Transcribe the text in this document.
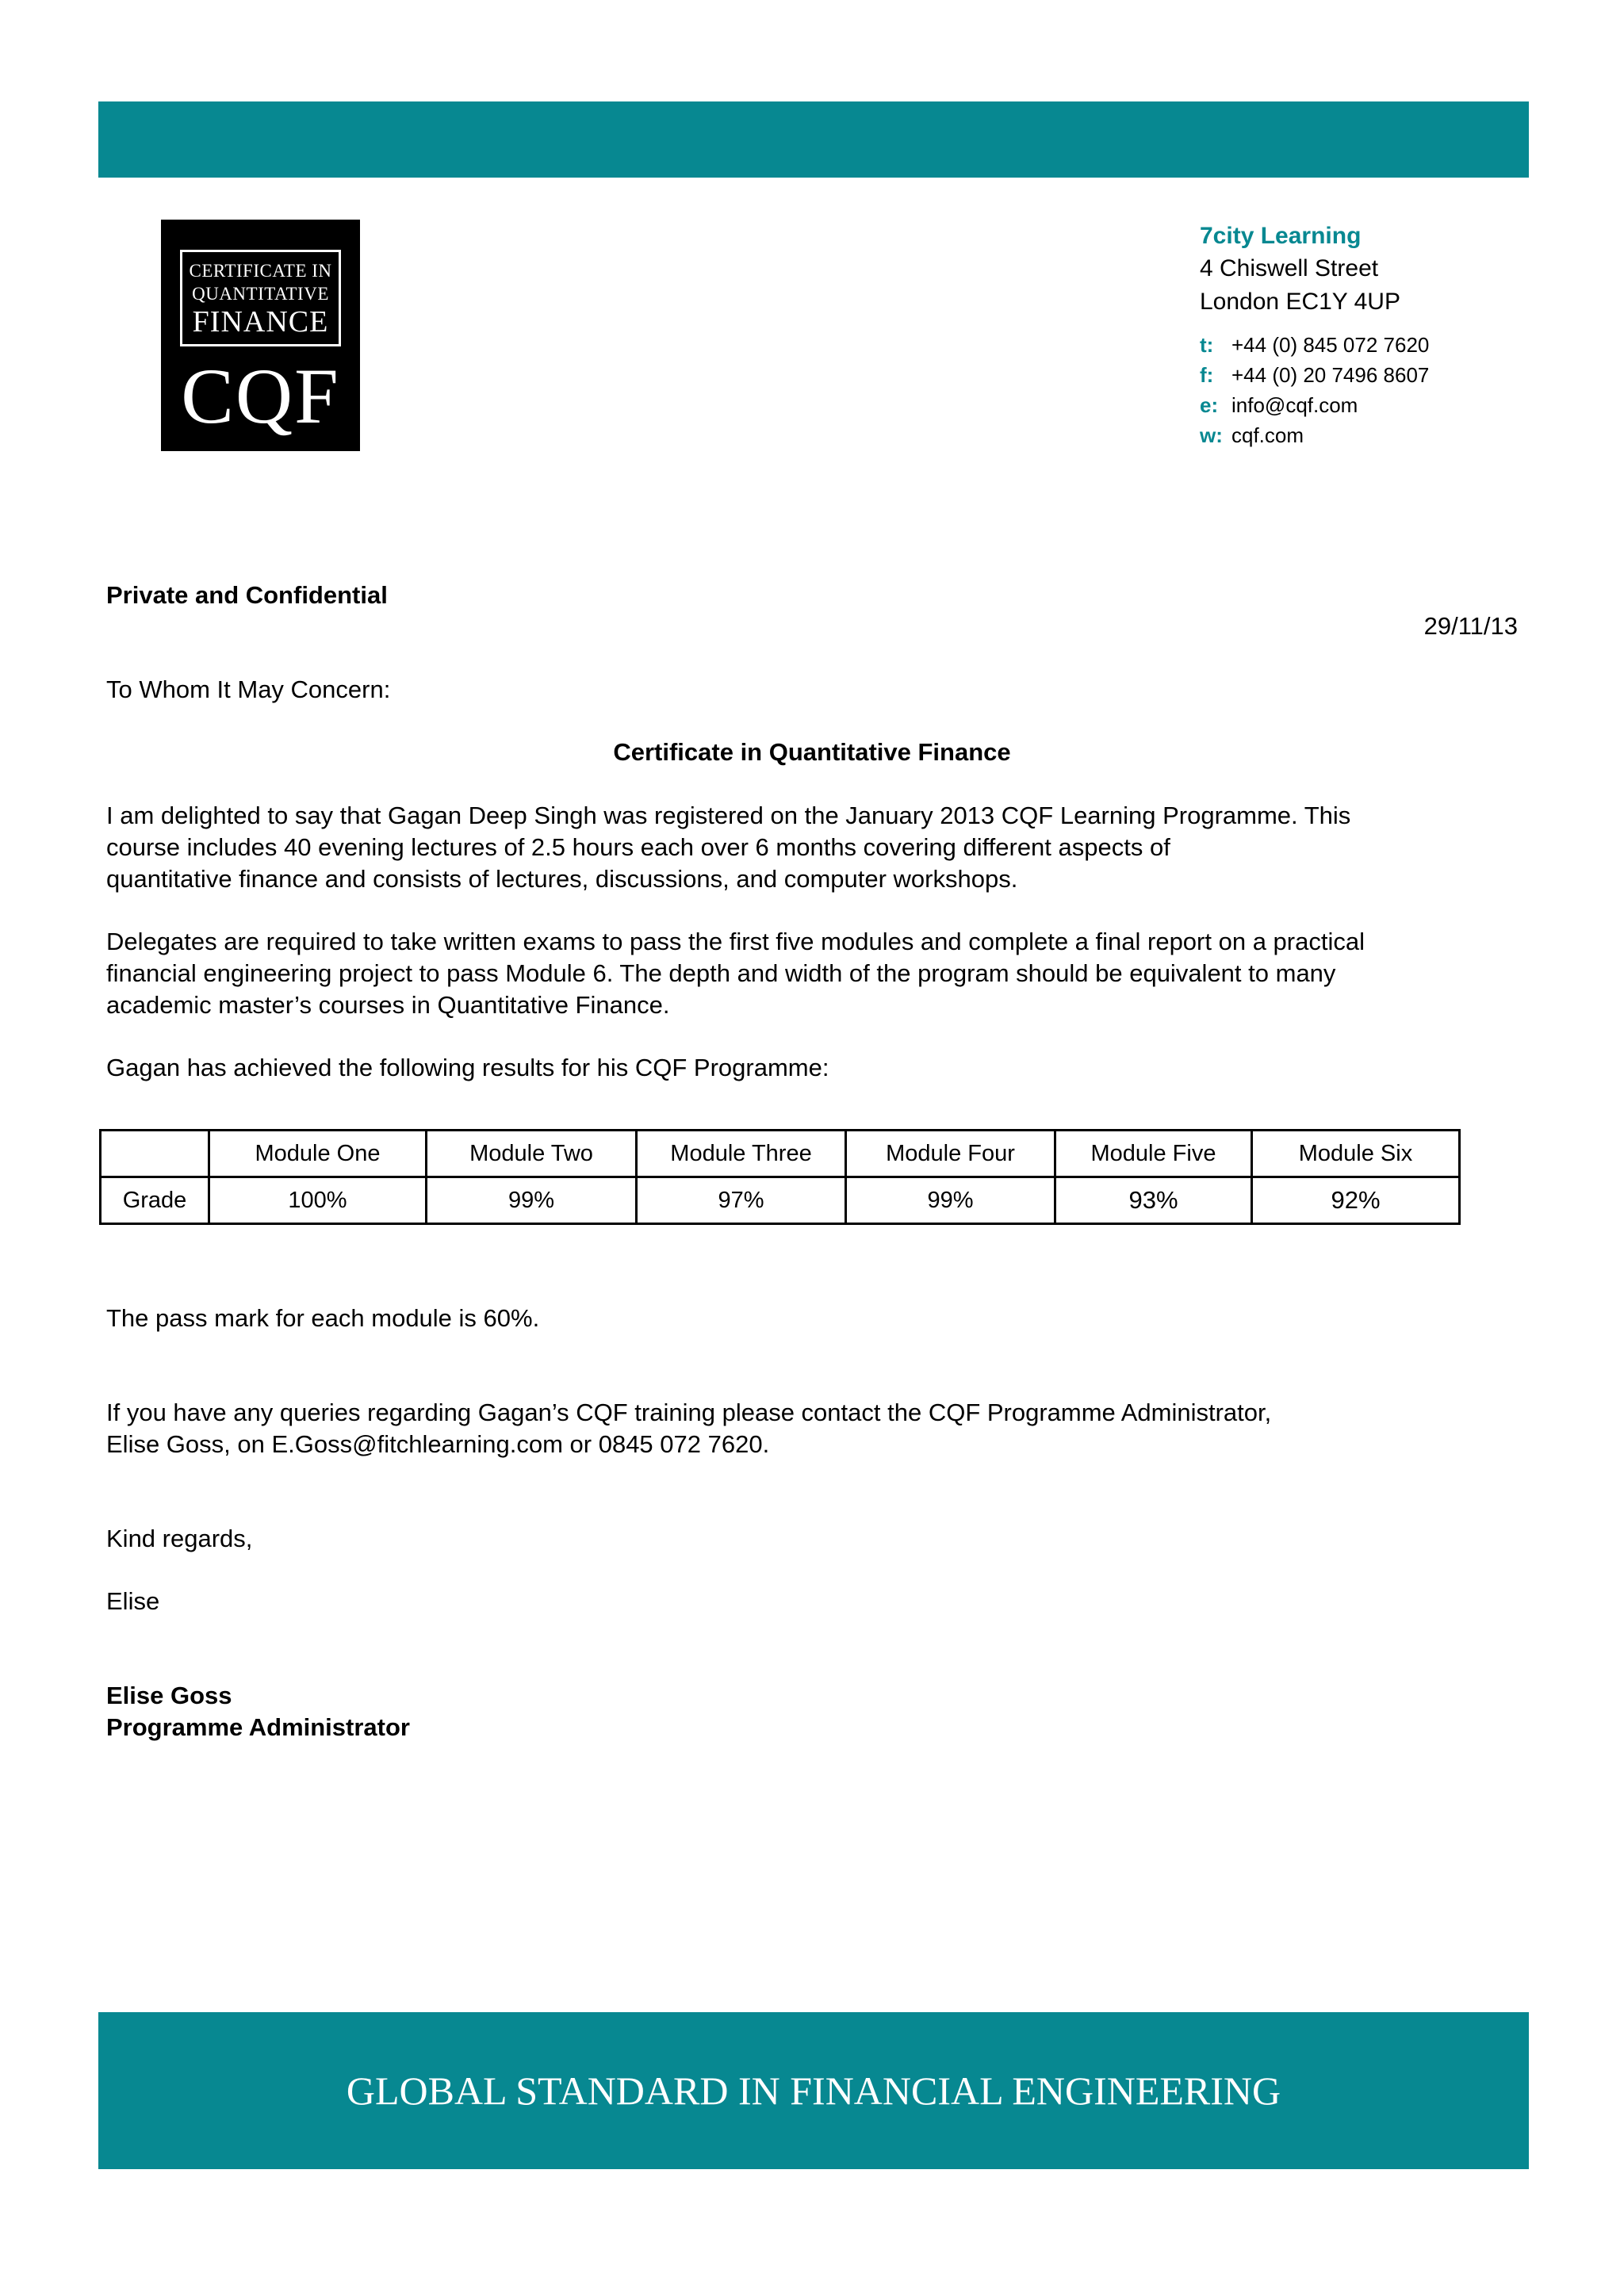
CERTIFICATE IN
QUANTITATIVE
FINANCE
CQF
7city Learning
4 Chiswell Street
London EC1Y 4UP
t: +44 (0) 845 072 7620
f: +44 (0) 20 7496 8607
e: info@cqf.com
w: cqf.com
Private and Confidential
29/11/13
To Whom It May Concern:
Certificate in Quantitative Finance
I am delighted to say that Gagan Deep Singh was registered on the January 2013 CQF Learning Programme. This
course includes 40 evening lectures of 2.5 hours each over 6 months covering different aspects of
quantitative finance and consists of lectures, discussions, and computer workshops.
Delegates are required to take written exams to pass the first five modules and complete a final report on a practical
financial engineering project to pass Module 6. The depth and width of the program should be equivalent to many
academic master’s courses in Quantitative Finance.
Gagan has achieved the following results for his CQF Programme:
	Module One	Module Two	Module Three	Module Four	Module Five	Module Six
Grade	100%	99%	97%	99%	93%	92%
The pass mark for each module is 60%.
If you have any queries regarding Gagan’s CQF training please contact the CQF Programme Administrator,
Elise Goss, on E.Goss@fitchlearning.com or 0845 072 7620.
Kind regards,
Elise
Elise Goss
Programme Administrator
GLOBAL STANDARD IN FINANCIAL ENGINEERING
